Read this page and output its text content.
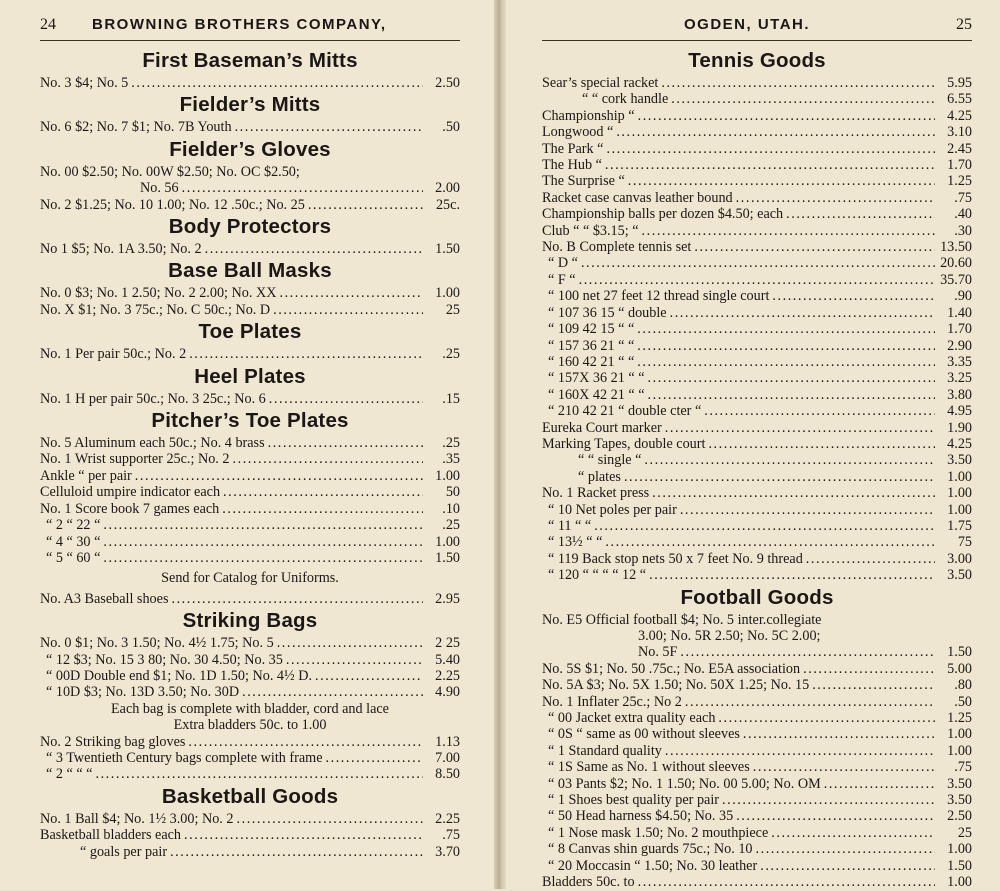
24 BROWNING BROTHERS COMPANY,
First Baseman’s Mitts
No. 3 $4; No. 5 . . .	2.50
Fielder’s Mitts
No. 6 $2; No. 7 $1; No. 7B Youth . . .	.50
Fielder’s Gloves
No. 00 $2.50; No. 00W $2.50; No. OC $2.50;
No. 56 . . .	2.00
No. 2 $1.25; No. 10 1.00; No. 12 .50c.; No. 25 . . .	25c.
Body Protectors
No 1 $5; No. 1A 3.50; No. 2 . . .	1.50
Base Ball Masks
No. 0 $3; No. 1 2.50; No. 2 2.00; No. XX . . .	1.00
No. X $1; No. 3 75c.; No. C 50c.; No. D . . .	25
Toe Plates
No. 1 Per pair 50c.; No. 2 . . .	.25
Heel Plates
No. 1 H per pair 50c.; No. 3 25c.; No. 6 . . .	.15
Pitcher’s Toe Plates
No. 5 Aluminum each 50c.; No. 4 brass . . .	.25
No. 1 Wrist supporter 25c.; No. 2 . . .	.35
Ankle “ per pair . . .	1.00
Celluloid umpire indicator each . . .	50
No. 1 Score book 7 games each . . .	.10
“ 2 “ 22 “ . . .	.25
“ 4 “ 30 “ . . .	1.00
“ 5 “ 60 “ . . .	1.50
Send for Catalog for Uniforms.
No. A3 Baseball shoes . . .	2.95
Striking Bags
No. 0 $1; No. 3 1.50; No. 4½ 1.75; No. 5 . . .	2 25
“ 12 $3; No. 15 3 80; No. 30 4.50; No. 35 . . .	5.40
“ 00D Double end $1; No. 1D 1.50; No. 4½ D. . . .	2.25
“ 10D $3; No. 13D 3.50; No. 30D . . .	4.90
Each bag is complete with bladder, cord and lace
Extra bladders 50c. to 1.00
No. 2 Striking bag gloves . . .	1.13
“ 3 Twentieth Century bags complete with frame . . .	7.00
“ 2 “ “ “ . . .	8.50
Basketball Goods
No. 1 Ball $4; No. 1½ 3.00; No. 2 . . .	2.25
Basketball bladders each . . .	.75
“ goals per pair . . .	3.70
OGDEN, UTAH.	25
Tennis Goods
Sear’s special racket . . .	5.95
“ “ cork handle . . .	6.55
Championship “ . . .	4.25
Longwood “ . . .	3.10
The Park “ . . .	2.45
The Hub “ . . .	1.70
The Surprise “ . . .	1.25
Racket case canvas leather bound . . .	.75
Championship balls per dozen $4.50; each . . .	.40
Club “ “ $3.15; “ . . .	.30
No. B Complete tennis set . . .	13.50
“ D “ . . .	20.60
“ F “ . . .	35.70
“ 100 net 27 feet 12 thread single court . . .	.90
“ 107 36 15 “ double . . .	1.40
“ 109 42 15 “ “ . . .	1.70
“ 157 36 21 “ “ . . .	2.90
“ 160 42 21 “ “ . . .	3.35
“ 157X 36 21 “ “ . . .	3.25
“ 160X 42 21 “ “ . . .	3.80
“ 210 42 21 “ double cter “ . . .	4.95
Eureka Court marker . . .	1.90
Marking Tapes, double court . . .	4.25
“ “ single “ . . .	3.50
“ plates . . .	1.00
No. 1 Racket press . . .	1.00
“ 10 Net poles per pair . . .	1.00
“ 11 “ “ . . .	1.75
“ 13½ “ “ . . .	75
“ 119 Back stop nets 50 x 7 feet No. 9 thread . . .	3.00
“ 120 “ “ “ “ 12 “ . . .	3.50
Football Goods
No. E5 Official football $4; No. 5 inter.collegiate
3.00; No. 5R 2.50; No. 5C 2.00;
No. 5F . . .	1.50
No. 5S $1; No. 50 .75c.; No. E5A association . . .	5.00
No. 5A $3; No. 5X 1.50; No. 50X 1.25; No. 15 . . .	.80
No. 1 Inflater 25c.; No 2 . . .	.50
“ 00 Jacket extra quality each . . .	1.25
“ 0S “ same as 00 without sleeves . . .	1.00
“ 1 Standard quality . . .	1.00
“ 1S Same as No. 1 without sleeves . . .	.75
“ 03 Pants $2; No. 1 1.50; No. 00 5.00; No. OM . . .	3.50
“ 1 Shoes best quality per pair . . .	3.50
“ 50 Head harness $4.50; No. 35 . . .	2.50
“ 1 Nose mask 1.50; No. 2 mouthpiece . . .	25
“ 8 Canvas shin guards 75c.; No. 10 . . .	1.00
“ 20 Moccasin “ 1.50; No. 30 leather . . .	1.50
Bladders 50c. to . . .	1.00
